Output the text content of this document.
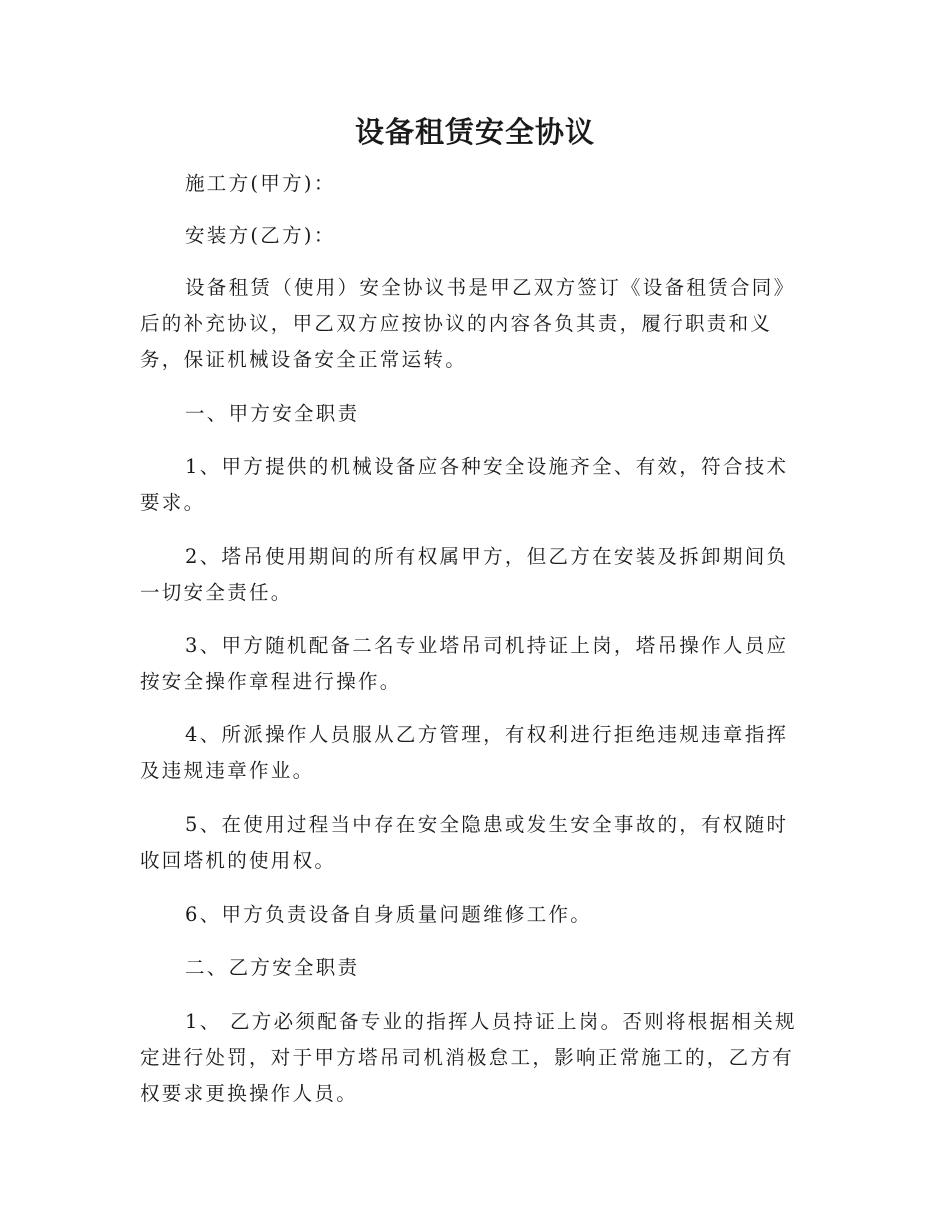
设备租赁安全协议

施工方(甲方)：

安装方(乙方)：

设备租赁（使用）安全协议书是甲乙双方签订《设备租赁合同》后的补充协议，甲乙双方应按协议的内容各负其责，履行职责和义务，保证机械设备安全正常运转。

一、甲方安全职责

1、甲方提供的机械设备应各种安全设施齐全、有效，符合技术要求。

2、塔吊使用期间的所有权属甲方，但乙方在安装及拆卸期间负一切安全责任。

3、甲方随机配备二名专业塔吊司机持证上岗，塔吊操作人员应按安全操作章程进行操作。

4、所派操作人员服从乙方管理，有权利进行拒绝违规违章指挥及违规违章作业。

5、在使用过程当中存在安全隐患或发生安全事故的，有权随时收回塔机的使用权。

6、甲方负责设备自身质量问题维修工作。

二、乙方安全职责

1、 乙方必须配备专业的指挥人员持证上岗。否则将根据相关规定进行处罚，对于甲方塔吊司机消极怠工，影响正常施工的，乙方有权要求更换操作人员。
